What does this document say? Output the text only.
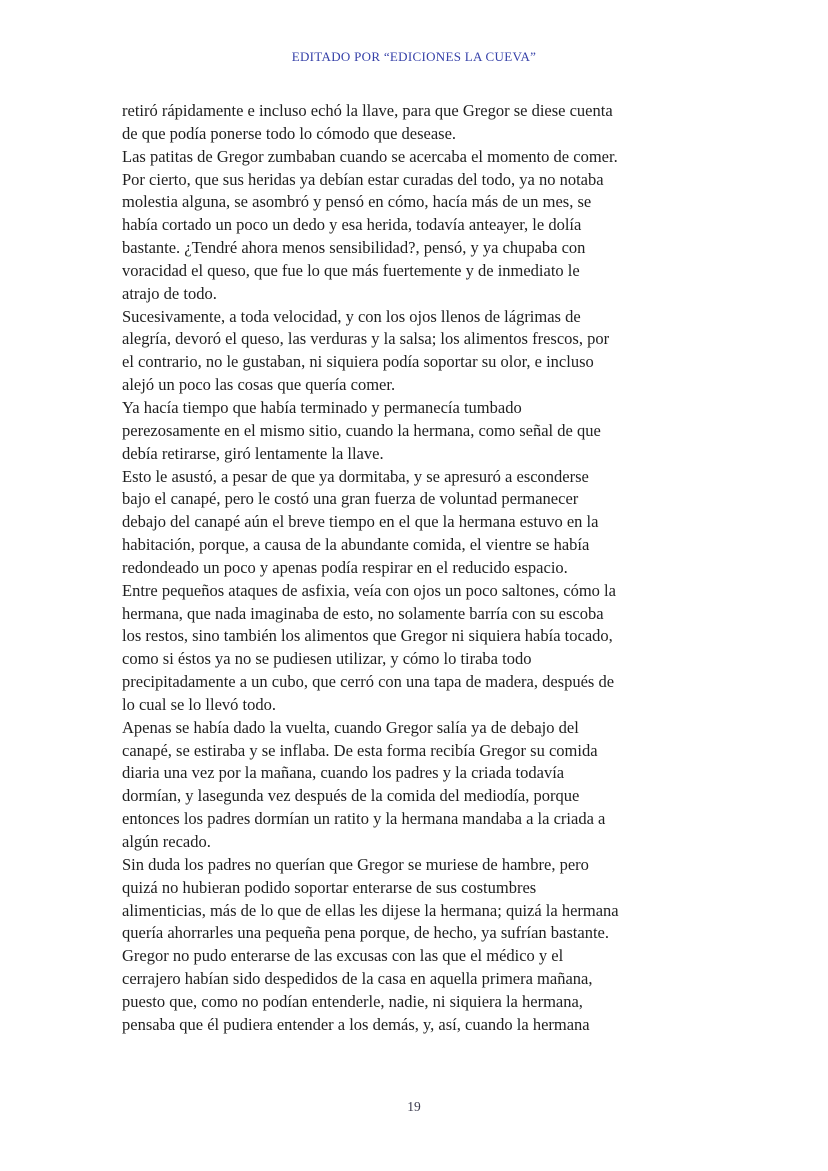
EDITADO POR “EDICIONES LA CUEVA”
retiró rápidamente e incluso echó la llave, para que Gregor se diese cuenta
de que podía ponerse todo lo cómodo que desease.
Las patitas de Gregor zumbaban cuando se acercaba el momento de comer.
Por cierto, que sus heridas ya debían estar curadas del todo, ya no notaba
molestia alguna, se asombró y pensó en cómo, hacía más de un mes, se
había cortado un poco un dedo y esa herida, todavía anteayer, le dolía
bastante. ¿Tendré ahora menos sensibilidad?, pensó, y ya chupaba con
voracidad el queso, que fue lo que más fuertemente y de inmediato le
atrajo de todo.
Sucesivamente, a toda velocidad, y con los ojos llenos de lágrimas de
alegría, devoró el queso, las verduras y la salsa; los alimentos frescos, por
el contrario, no le gustaban, ni siquiera podía soportar su olor, e incluso
alejó un poco las cosas que quería comer.
Ya hacía tiempo que había terminado y permanecía tumbado
perezosamente en el mismo sitio, cuando la hermana, como señal de que
debía retirarse, giró lentamente la llave.
Esto le asustó, a pesar de que ya dormitaba, y se apresuró a esconderse
bajo el canapé, pero le costó una gran fuerza de voluntad permanecer
debajo del canapé aún el breve tiempo en el que la hermana estuvo en la
habitación, porque, a causa de la abundante comida, el vientre se había
redondeado un poco y apenas podía respirar en el reducido espacio.
Entre pequeños ataques de asfixia, veía con ojos un poco saltones, cómo la
hermana, que nada imaginaba de esto, no solamente barría con su escoba
los restos, sino también los alimentos que Gregor ni siquiera había tocado,
como si éstos ya no se pudiesen utilizar, y cómo lo tiraba todo
precipitadamente a un cubo, que cerró con una tapa de madera, después de
lo cual se lo llevó todo.
Apenas se había dado la vuelta, cuando Gregor salía ya de debajo del
canapé, se estiraba y se inflaba. De esta forma recibía Gregor su comida
diaria una vez por la mañana, cuando los padres y la criada todavía
dormían, y lasegunda vez después de la comida del mediodía, porque
entonces los padres dormían un ratito y la hermana mandaba a la criada a
algún recado.
Sin duda los padres no querían que Gregor se muriese de hambre, pero
quizá no hubieran podido soportar enterarse de sus costumbres
alimenticias, más de lo que de ellas les dijese la hermana; quizá la hermana
quería ahorrarles una pequeña pena porque, de hecho, ya sufrían bastante.
Gregor no pudo enterarse de las excusas con las que el médico y el
cerrajero habían sido despedidos de la casa en aquella primera mañana,
puesto que, como no podían entenderle, nadie, ni siquiera la hermana,
pensaba que él pudiera entender a los demás, y, así, cuando la hermana
19
